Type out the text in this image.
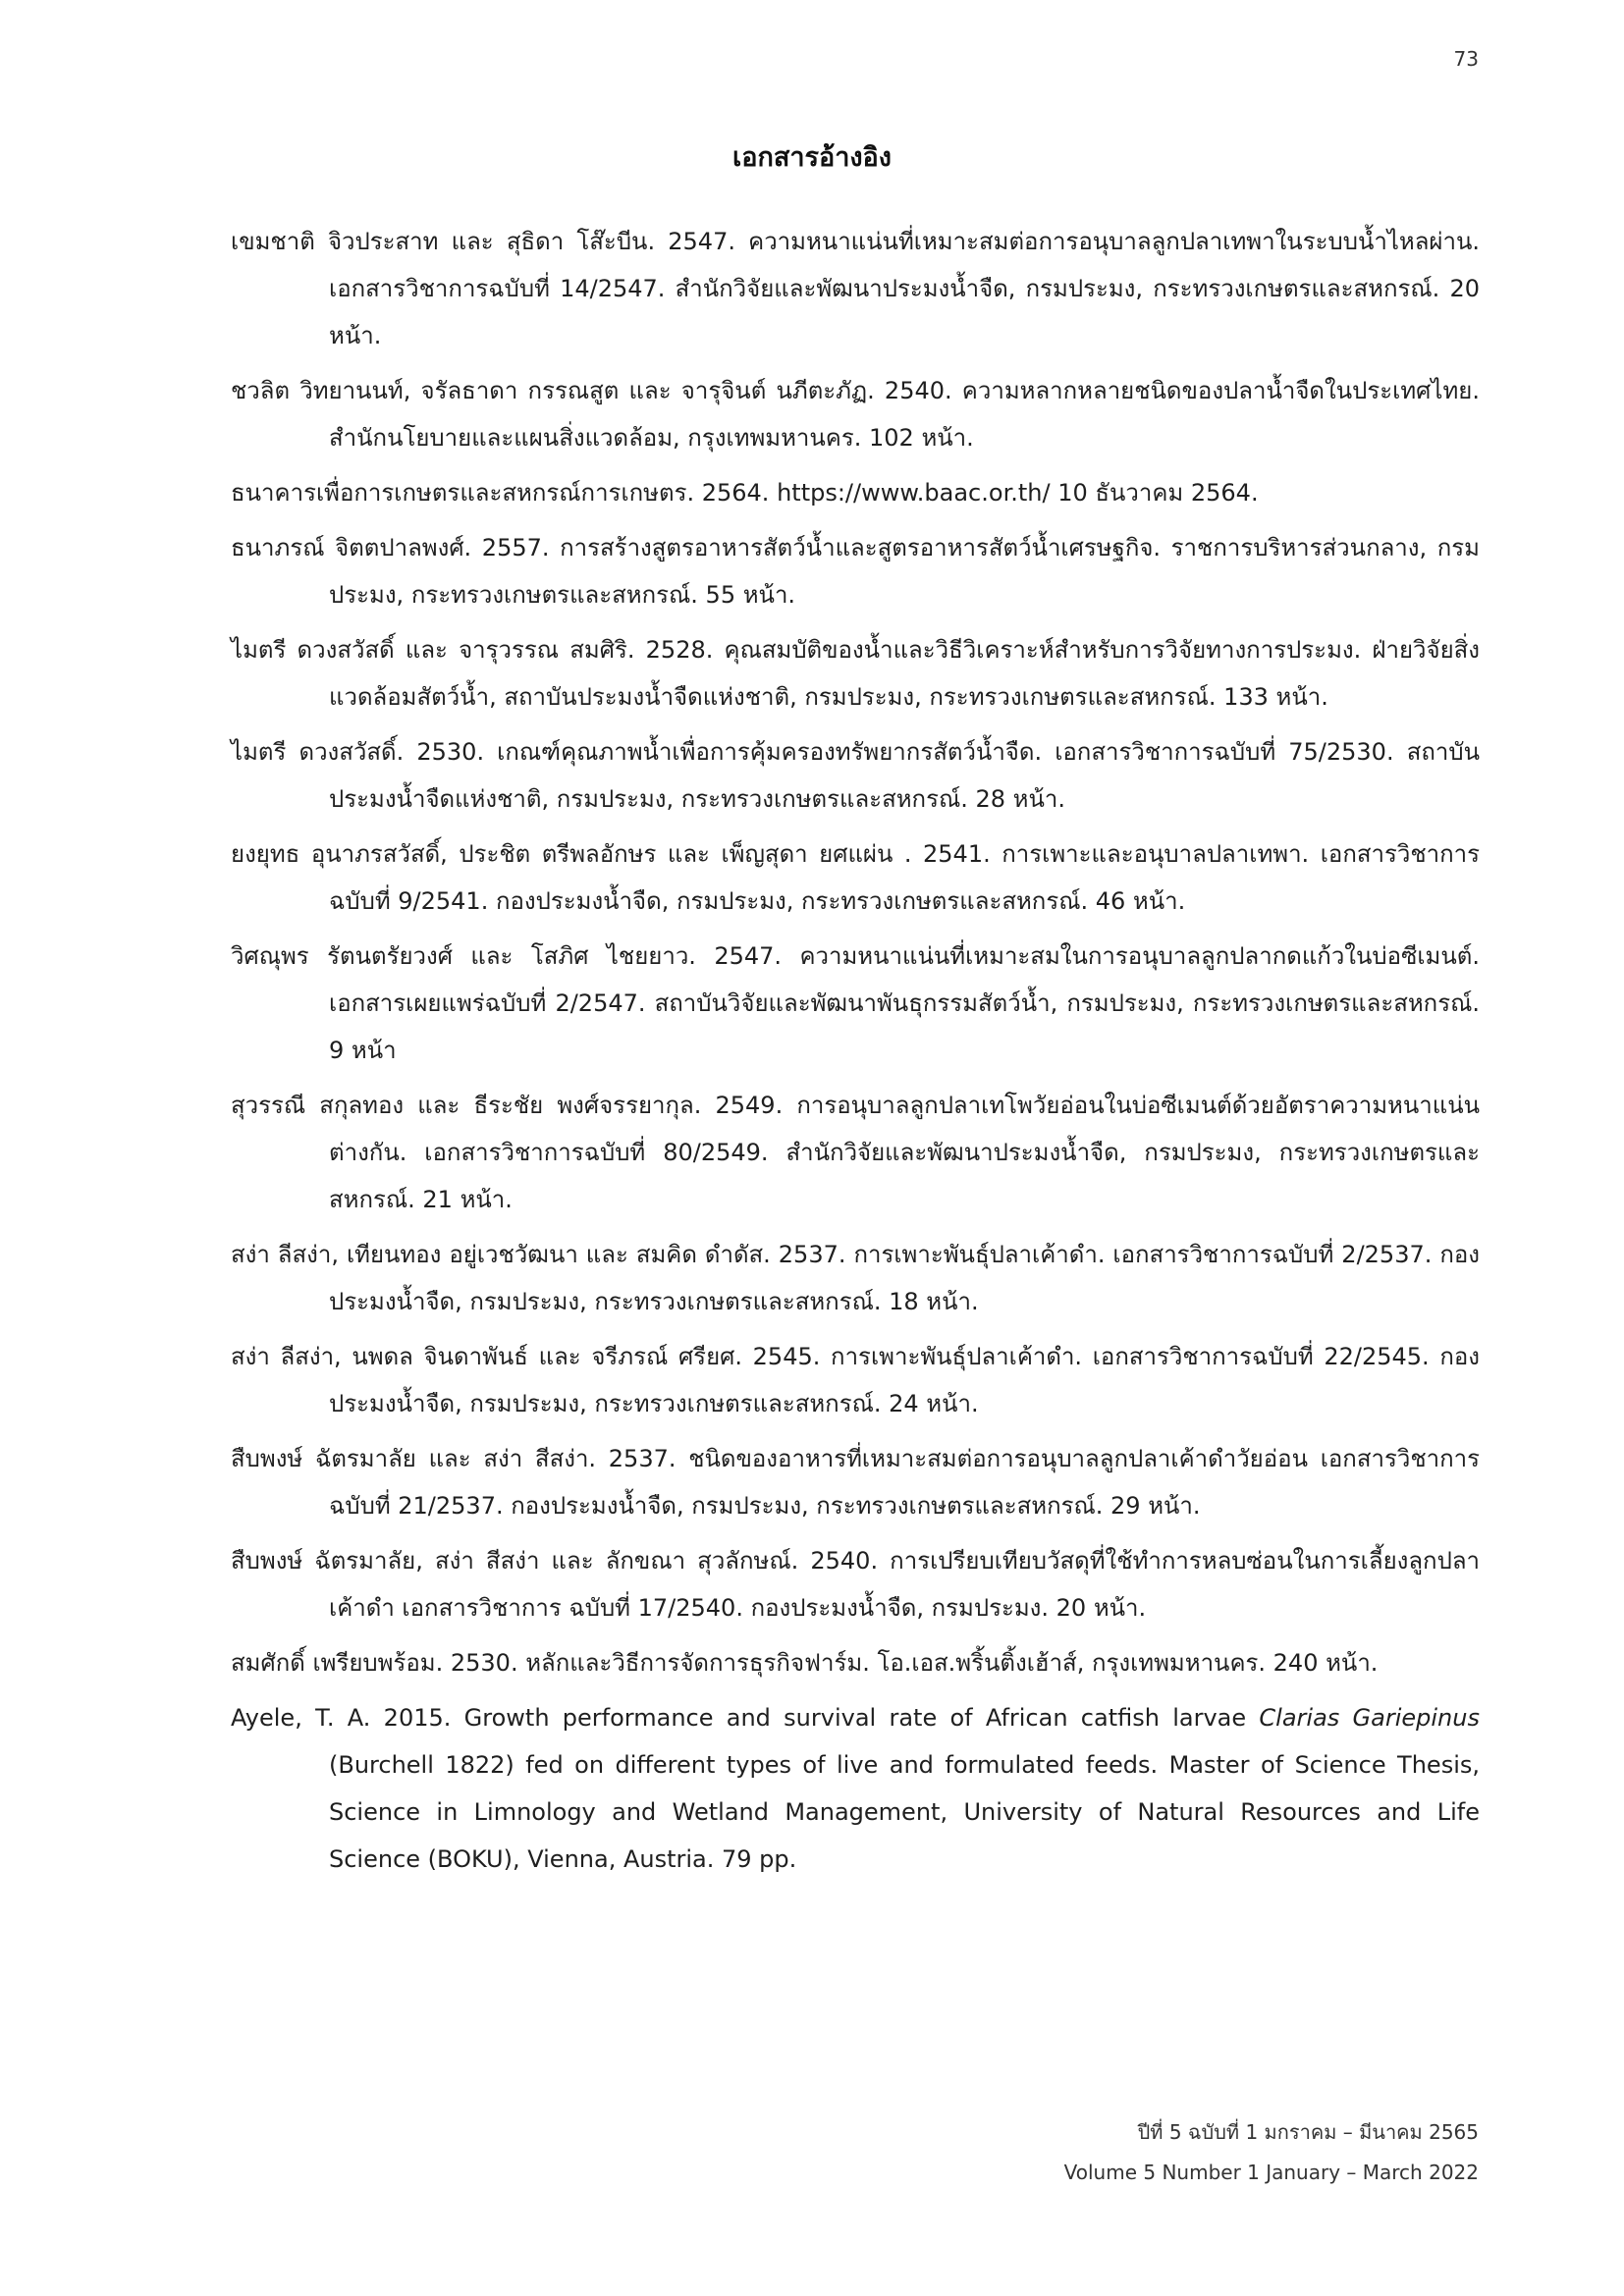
73
เอกสารอ้างอิง
เขมชาติ จิวประสาท และ สุธิดา โส๊ะบีน. 2547. ความหนาแน่นที่เหมาะสมต่อการอนุบาลลูกปลาเทพาในระบบน้ำไหลผ่าน. เอกสารวิชาการฉบับที่ 14/2547. สำนักวิจัยและพัฒนาประมงน้ำจืด, กรมประมง, กระทรวงเกษตรและสหกรณ์. 20 หน้า.
ชวลิต วิทยานนท์, จรัลธาดา กรรณสูต และ จารุจินต์ นภีตะภัฏ. 2540. ความหลากหลายชนิดของปลาน้ำจืดในประเทศไทย. สำนักนโยบายและแผนสิ่งแวดล้อม, กรุงเทพมหานคร. 102 หน้า.
ธนาคารเพื่อการเกษตรและสหกรณ์การเกษตร. 2564. https://www.baac.or.th/ 10 ธันวาคม 2564.
ธนาภรณ์ จิตตปาลพงศ์. 2557. การสร้างสูตรอาหารสัตว์น้ำและสูตรอาหารสัตว์น้ำเศรษฐกิจ. ราชการบริหารส่วนกลาง, กรมประมง, กระทรวงเกษตรและสหกรณ์. 55 หน้า.
ไมตรี ดวงสวัสดิ์ และ จารุวรรณ สมศิริ. 2528. คุณสมบัติของน้ำและวิธีวิเคราะห์สำหรับการวิจัยทางการประมง. ฝ่ายวิจัยสิ่งแวดล้อมสัตว์น้ำ, สถาบันประมงน้ำจืดแห่งชาติ, กรมประมง, กระทรวงเกษตรและสหกรณ์. 133 หน้า.
ไมตรี ดวงสวัสดิ์. 2530. เกณฑ์คุณภาพน้ำเพื่อการคุ้มครองทรัพยากรสัตว์น้ำจืด. เอกสารวิชาการฉบับที่ 75/2530. สถาบันประมงน้ำจืดแห่งชาติ, กรมประมง, กระทรวงเกษตรและสหกรณ์. 28 หน้า.
ยงยุทธ อุนาภรสวัสดิ์, ประชิต ตรีพลอักษร และ เพ็ญสุดา ยศแผ่น . 2541. การเพาะและอนุบาลปลาเทพา. เอกสารวิชาการฉบับที่ 9/2541. กองประมงน้ำจืด, กรมประมง, กระทรวงเกษตรและสหกรณ์. 46 หน้า.
วิศณุพร รัตนตรัยวงศ์ และ โสภิศ ไชยยาว. 2547. ความหนาแน่นที่เหมาะสมในการอนุบาลลูกปลากดแก้วในบ่อซีเมนต์. เอกสารเผยแพร่ฉบับที่ 2/2547. สถาบันวิจัยและพัฒนาพันธุกรรมสัตว์น้ำ, กรมประมง, กระทรวงเกษตรและสหกรณ์. 9 หน้า
สุวรรณี สกุลทอง และ ธีระชัย พงศ์จรรยากุล. 2549. การอนุบาลลูกปลาเทโพวัยอ่อนในบ่อซีเมนต์ด้วยอัตราความหนาแน่นต่างกัน. เอกสารวิชาการฉบับที่ 80/2549. สำนักวิจัยและพัฒนาประมงน้ำจืด, กรมประมง, กระทรวงเกษตรและสหกรณ์. 21 หน้า.
สง่า ลีสง่า, เทียนทอง อยู่เวชวัฒนา และ สมคิด ดำดัส. 2537. การเพาะพันธุ์ปลาเค้าดำ. เอกสารวิชาการฉบับที่ 2/2537. กองประมงน้ำจืด, กรมประมง, กระทรวงเกษตรและสหกรณ์. 18 หน้า.
สง่า ลีสง่า, นพดล จินดาพันธ์ และ จรีภรณ์ ศรียศ. 2545. การเพาะพันธุ์ปลาเค้าดำ. เอกสารวิชาการฉบับที่ 22/2545. กองประมงน้ำจืด, กรมประมง, กระทรวงเกษตรและสหกรณ์. 24 หน้า.
สืบพงษ์ ฉัตรมาลัย และ สง่า สีสง่า. 2537. ชนิดของอาหารที่เหมาะสมต่อการอนุบาลลูกปลาเค้าดำวัยอ่อน เอกสารวิชาการ ฉบับที่ 21/2537. กองประมงน้ำจืด, กรมประมง, กระทรวงเกษตรและสหกรณ์. 29 หน้า.
สืบพงษ์ ฉัตรมาลัย, สง่า สีสง่า และ ลักขณา สุวลักษณ์. 2540. การเปรียบเทียบวัสดุที่ใช้ทำการหลบซ่อนในการเลี้ยงลูกปลาเค้าดำ เอกสารวิชาการ ฉบับที่ 17/2540. กองประมงน้ำจืด, กรมประมง. 20 หน้า.
สมศักดิ์ เพรียบพร้อม. 2530. หลักและวิธีการจัดการธุรกิจฟาร์ม. โอ.เอส.พริ้นติ้งเฮ้าส์, กรุงเทพมหานคร. 240 หน้า.
Ayele, T. A. 2015. Growth performance and survival rate of African catfish larvae Clarias Gariepinus (Burchell 1822) fed on different types of live and formulated feeds. Master of Science Thesis, Science in Limnology and Wetland Management, University of Natural Resources and Life Science (BOKU), Vienna, Austria. 79 pp.
ปีที่ 5 ฉบับที่ 1 มกราคม – มีนาคม 2565
Volume 5 Number 1 January – March 2022
